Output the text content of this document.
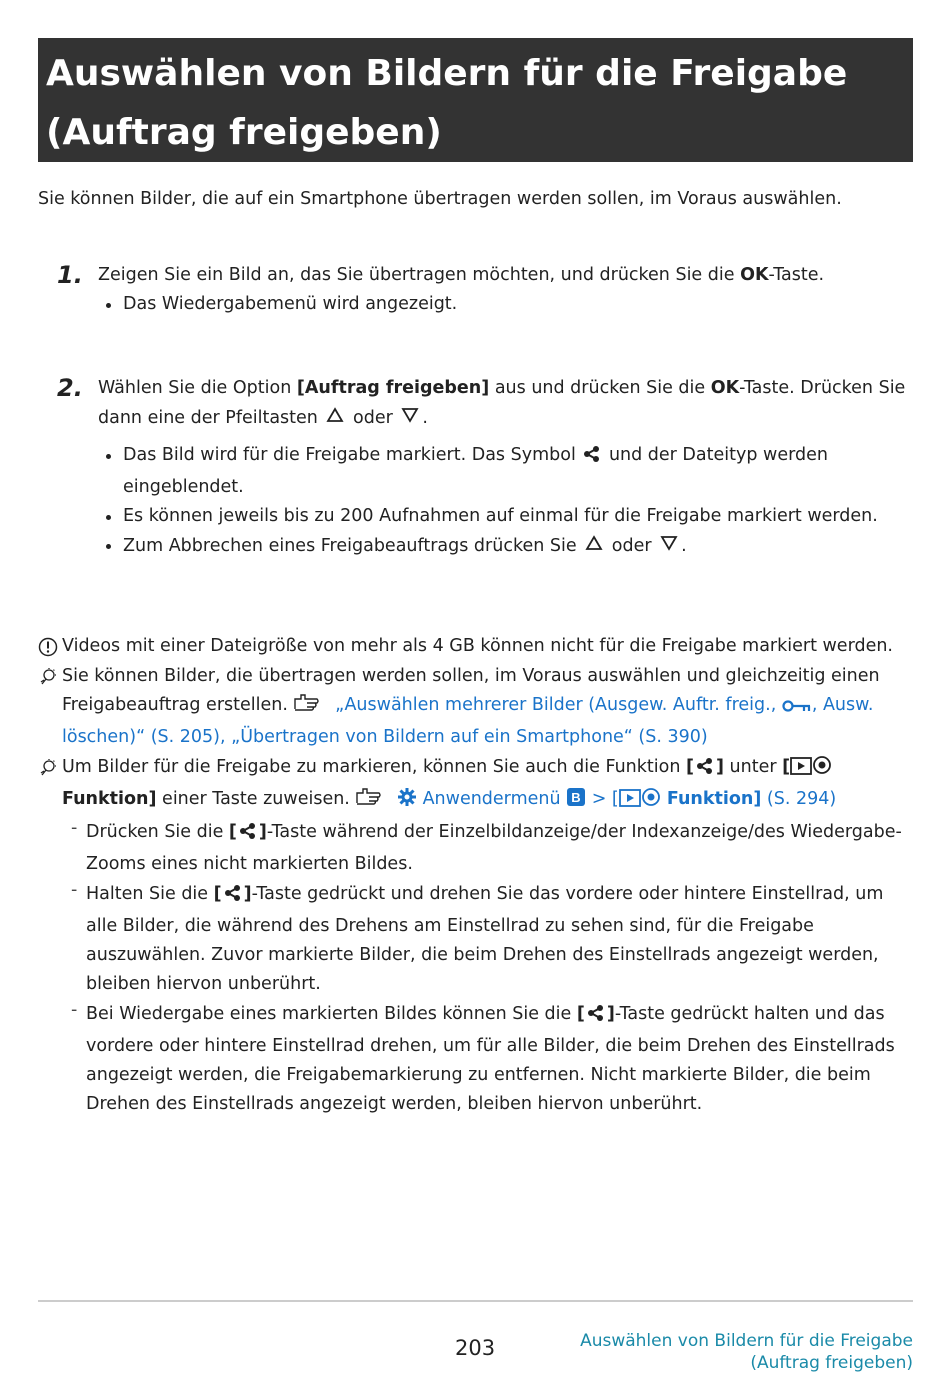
Auswählen von Bildern für die Freigabe
(Auftrag freigeben)
Sie können Bilder, die auf ein Smartphone übertragen werden sollen, im Voraus auswählen.
1. Zeigen Sie ein Bild an, das Sie übertragen möchten, und drücken Sie die OK-Taste.
Das Wiedergabemenü wird angezeigt.
2. Wählen Sie die Option [Auftrag freigeben] aus und drücken Sie die OK-Taste. Drücken Sie dann eine der Pfeiltasten  oder .
Das Bild wird für die Freigabe markiert. Das Symbol  und der Dateityp werden eingeblendet.
Es können jeweils bis zu 200 Aufnahmen auf einmal für die Freigabe markiert werden.
Zum Abbrechen eines Freigabeauftrags drücken Sie  oder .
Videos mit einer Dateigröße von mehr als 4 GB können nicht für die Freigabe markiert werden.
Sie können Bilder, die übertragen werden sollen, im Voraus auswählen und gleichzeitig einen Freigabeauftrag erstellen.  „Auswählen mehrerer Bilder (Ausgew. Auftr. freig., , Ausw. löschen)“ (S. 205), „Übertragen von Bildern auf ein Smartphone“ (S. 390)
Um Bilder für die Freigabe zu markieren, können Sie auch die Funktion [ ] unter [ Funktion] einer Taste zuweisen.	Anwendermenü B > [ Funktion] (S. 294)
- Drücken Sie die [ ]-Taste während der Einzelbildanzeige/der Indexanzeige/des Wiedergabe-Zooms eines nicht markierten Bildes.
- Halten Sie die [ ]-Taste gedrückt und drehen Sie das vordere oder hintere Einstellrad, um alle Bilder, die während des Drehens am Einstellrad zu sehen sind, für die Freigabe auszuwählen. Zuvor markierte Bilder, die beim Drehen des Einstellrads angezeigt werden, bleiben hiervon unberührt.
- Bei Wiedergabe eines markierten Bildes können Sie die [ ]-Taste gedrückt halten und das vordere oder hintere Einstellrad drehen, um für alle Bilder, die beim Drehen des Einstellrads angezeigt werden, die Freigabemarkierung zu entfernen. Nicht markierte Bilder, die beim Drehen des Einstellrads angezeigt werden, bleiben hiervon unberührt.
203	Auswählen von Bildern für die Freigabe (Auftrag freigeben)
